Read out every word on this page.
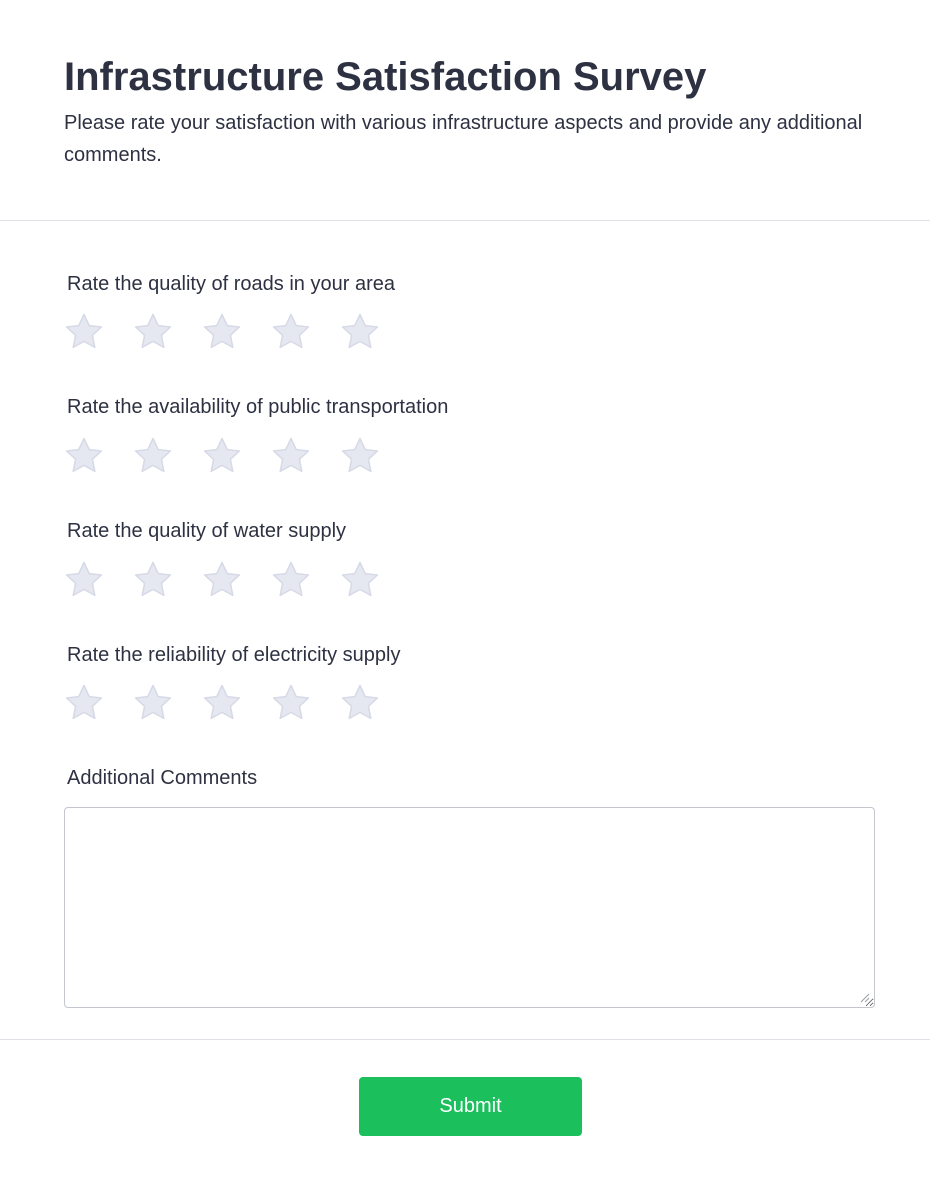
Infrastructure Satisfaction Survey

Please rate your satisfaction with various infrastructure aspects and provide any additional comments.

Rate the quality of roads in your area
Rate the availability of public transportation
Rate the quality of water supply
Rate the reliability of electricity supply
Additional Comments
Submit
